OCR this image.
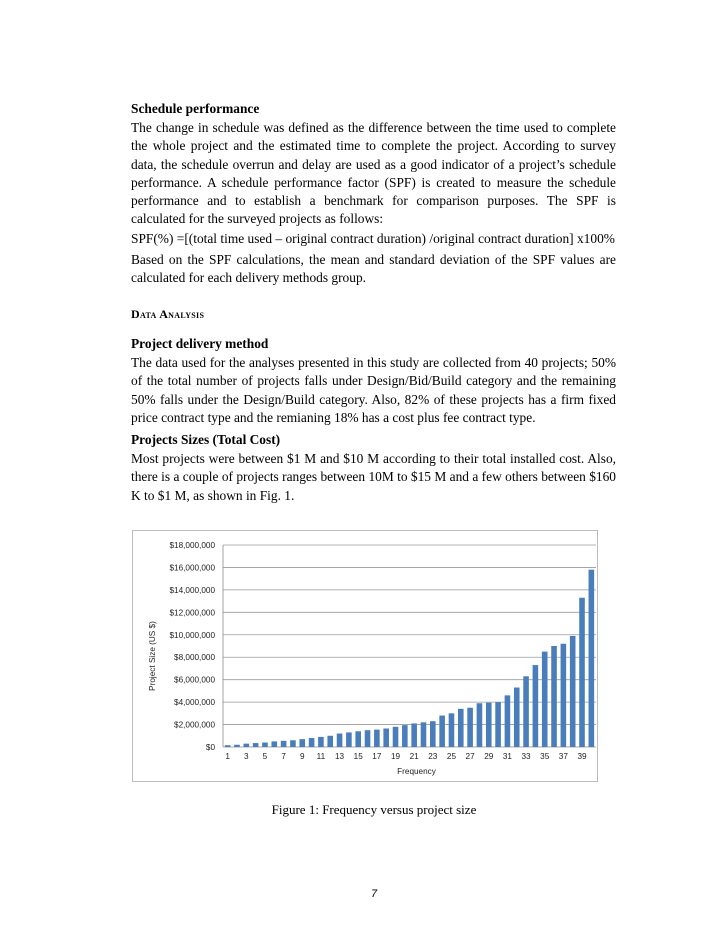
Schedule performance

The change in schedule was defined as the difference between the time used to complete the whole project and the estimated time to complete the project. According to survey data, the schedule overrun and delay are used as a good indicator of a project’s schedule performance. A schedule performance factor (SPF) is created to measure the schedule performance and to establish a benchmark for comparison purposes. The SPF is calculated for the surveyed projects as follows:

SPF(%) =[(total time used – original contract duration) /original contract duration] x100%

Based on the SPF calculations, the mean and standard deviation of the SPF values are calculated for each delivery methods group.

Data Analysis

Project delivery method

The data used for the analyses presented in this study are collected from 40 projects; 50% of the total number of projects falls under Design/Bid/Build category and the remaining 50% falls under the Design/Build category. Also, 82% of these projects has a firm fixed price contract type and the remianing 18% has a cost plus fee contract type.

Projects Sizes (Total Cost)

Most projects were between $1 M and $10 M according to their total installed cost. Also, there is a couple of projects ranges between 10M to $15 M and a few others between $160 K to $1 M, as shown in Fig. 1.

$0
$2,000,000
$4,000,000
$6,000,000
$8,000,000
$10,000,000
$12,000,000
$14,000,000
$16,000,000
$18,000,000
1 3 5 7 9 11 13 15 17 19 21 23 25 27 29 31 33 35 37 39
Frequency
Project Size (US $)
Figure 1: Frequency versus project size
7
